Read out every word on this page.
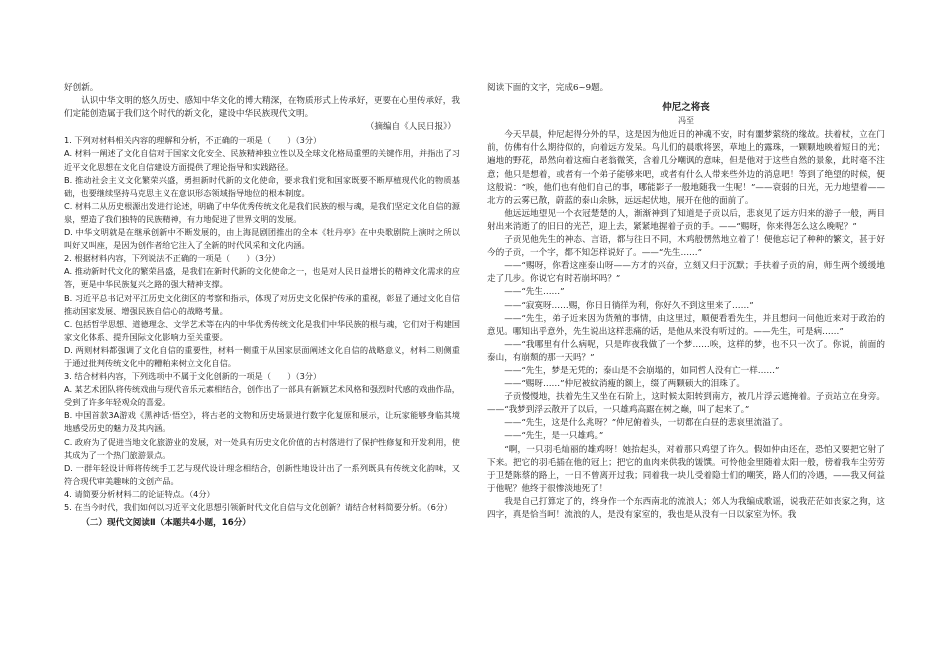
好创新。

认识中华文明的悠久历史、感知中华文化的博大精深，在物质形式上传承好，更要在心里传承好，我们定能创造属于我们这个时代的新文化，建设中华民族现代文明。

（摘编自《人民日报》）

1. 下列对材料相关内容的理解和分析，不正确的一项是（　　）（3分）

A. 材料一阐述了文化自信对于国家文化安全、民族精神独立性以及全球文化格局重塑的关键作用，并指出了习近平文化思想在文化自信建设方面提供了理论指导和实践路径。

B. 推动社会主义文化繁荣兴盛，勇担新时代新的文化使命，要求我们党和国家既要不断厚植现代化的物质基础，也要继续坚持马克思主义在意识形态领域指导地位的根本制度。

C. 材料二从历史根源出发进行论述，明确了中华优秀传统文化是我们民族的根与魂，是我们坚定文化自信的源泉，塑造了我们独特的民族精神，有力地促进了世界文明的发展。

D. 中华文明就是在继承创新中不断发展的，由上海昆剧团推出的全本《牡丹亭》在中央歌剧院上演时之所以叫好又叫座，是因为创作者给它注入了全新的时代风采和文化内涵。

2. 根据材料内容，下列说法不正确的一项是（　　）（3分）

A. 推动新时代文化的繁荣昌盛，是我们在新时代新的文化使命之一，也是对人民日益增长的精神文化需求的应答，更是中华民族复兴之路的强大精神支撑。

B. 习近平总书记对平江历史文化街区的考察和指示，体现了对历史文化保护传承的重视，彰显了通过文化自信推动国家发展、增强民族自信心的战略考量。

C. 包括哲学思想、道德理念、文学艺术等在内的中华优秀传统文化是我们中华民族的根与魂，它们对于构建国家文化体系、提升国际文化影响力至关重要。

D. 两则材料都强调了文化自信的重要性，材料一侧重于从国家层面阐述文化自信的战略意义，材料二则侧重于通过批判传统文化中的糟粕来树立文化自信。

3. 结合材料内容，下列选项中不属于文化创新的一项是（　　）（3分）

A. 某艺术团队将传统戏曲与现代音乐元素相结合，创作出了一部具有新颖艺术风格和强烈时代感的戏曲作品，受到了许多年轻观众的喜爱。

B. 中国首款3A游戏《黑神话·悟空》，将古老的文物和历史场景进行数字化复原和展示，让玩家能够身临其境地感受历史的魅力及其内涵。

C. 政府为了促进当地文化旅游业的发展，对一处具有历史文化价值的古村落进行了保护性修复和开发利用，使其成为了一个热门旅游景点。

D. 一群年轻设计师将传统手工艺与现代设计理念相结合，创新性地设计出了一系列既具有传统文化韵味，又符合现代审美趣味的文创产品。

4. 请简要分析材料二的论证特点。（4分）

5. 在当今时代，我们如何以习近平文化思想引领新时代文化自信与文化创新？请结合材料简要分析。（6分）

（二）现代文阅读Ⅱ（本题共4小题，16分）

阅读下面的文字，完成6~9题。

仲尼之将丧

冯至

今天早晨，仲尼起得分外的早，这是因为他近日的神魂不安，时有噩梦萦绕的缘故。扶着杖，立在门前，仿佛有什么期待似的，向着远方发呆。鸟儿们的晨歌将罢，草地上的露珠，一颗颗地映着短日的光；遍地的野花，昂然向着这痴白老翁微笑，含着几分嘲讽的意味，但是他对于这些自然的景象，此时毫不注意；他只是想着，或者有一个弟子能够来吧，或者有什么人带来些外边的消息吧！等到了绝望的时候，便这般说：“唉，他们也有他们自己的事，哪能影子一般地随我一生呢！”——衰弱的日光，无力地望着——北方的云雾已散，蔚蓝的泰山余脉，远远起伏地，展开在他的面前了。

他远远地望见一个衣冠楚楚的人，渐渐神到了知道是子贡以后，悲哀见了远方归来的游子一般，两目射出来消逝了的旧日的光芒，迎上去，紧紧地握着子贡的手。——“赐呀，你来得怎么这么晚呢？”

子贡见他先生的神态、言语，都与往日不同，木鸡般愣然地立着了！便他忘记了种种的繁文，甚于好今的子贡，一个字，都不知怎样说好了。——“先生……”

——“赐呀，你看这座泰山呀——方才的兴奋，立刻又归于沉默；手扶着子贡的肩，师生两个缓缓地走了几步。你说它有时若崩坏吗？”

——“先生……”

——“寂寞呀……赐，你日日徜徉为利，你好久不到这里来了……”

——“先生，弟子近来因为货殖的事情，由这里过，顺便看看先生，并且想问一问他近来对于政治的意见。哪知出乎意外，先生说出这样悲痛的话，是他从来没有听过的。——先生，可是病……”

——“我哪里有什么病呢，只是昨夜我做了一个梦……唉，这样的梦，也不只一次了。你说，前面的泰山，有崩颓的那一天吗？”

——“先生，梦是无凭的；泰山是不会崩塌的，如同哲人没有亡一样……”

——“赐呀……”仲尼被紋消瘦的额上，缀了两颗硕大的泪珠了。

子贡慢慢地，扶着先生又坐在石阶上，这时候太阳转到南方，被几片浮云遮掩着。子贡站立在身旁。——“我梦到浮云散开了以后，一只雄鸡高踞在树之巅，叫了起来了。”

——“先生，这是什么兆呀？”仲尼俯着头，一切都在白昼的悲哀里流溢了。

——“先生，是一只雄鸡。”

“啊，一只羽毛灿丽的雄鸡呀！她抬起头，对着那只鸡望了许久。假如仲由还在，恐怕又要把它射了下来。把它的羽毛插在他的冠上；把它的血肉来供我的馐馔。可怜他金里随着太阳一般，徬着我车尘劳劳于卫楚陈蔡的路上，一日不曾离开过我；同着我一块儿受着隐士们的嘲笑，路人们的冷遇，——我又何益于他呢？他终于很惨淡地死了！

我是自己打算定了的，终身作一个东西南北的流浪人；郊人为我编成歌谣，说我茫茫如丧家之狗，这四字，真是恰当呵！流浪的人，是没有家室的，我也是从没有一日以家室为怀。我
